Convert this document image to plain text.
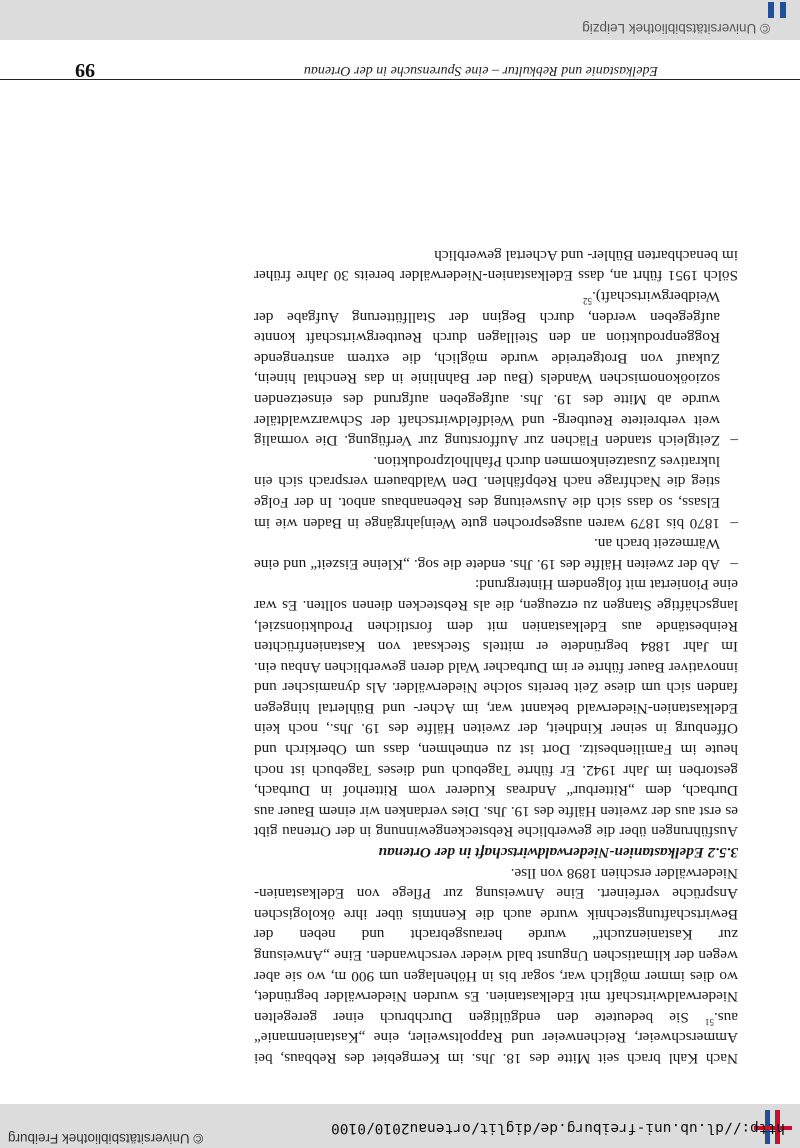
http://dl.ub.uni-freiburg.de/diglit/ortenau2010/0100
© Universitätsbibliothek Freiburg
Edelkastanie und Rebkultur – eine Spurensuche in der Ortenau
99

Nach Kahl brach seit Mitte des 18. Jhs. im Kerngebiet des Rebbaus, bei Ammerschweier, Reichenweier und Rappoltsweiler, eine „Kastanienmanie“ aus.$^{51}$ Sie bedeutete den endgültigen Durchbruch einer geregelten Niederwaldwirtschaft mit Edelkastanien. Es wurden Niederwälder begründet, wo dies immer möglich war, sogar bis in Höhenlagen um 900 m, wo sie aber wegen der klimatischen Ungunst bald wieder verschwanden. Eine „Anweisung zur Kastanienzucht“ wurde herausgebracht und neben der Bewirtschaftungstechnik wurde auch die Kenntnis über ihre ökologischen Ansprüche verfeinert. Eine Anweisung zur Pflege von Edelkastanien-Niederwälder erschien 1898 von Ilse.

3.5.2 Edelkastanien-Niederwaldwirtschaft in der Ortenau

Ausführungen über die gewerbliche Rebsteckengewinnung in der Ortenau gibt es erst aus der zweiten Hälfte des 19. Jhs. Dies verdanken wir einem Bauer aus Durbach, dem „Ritterbur“ Andreas Kuderer vom Ritterhof in Durbach, gestorben im Jahr 1942. Er führte Tagebuch und dieses Tagebuch ist noch heute im Familienbesitz. Dort ist zu entnehmen, dass um Oberkirch und Offenburg in seiner Kindheit, der zweiten Hälfte des 19. Jhs., noch kein Edelkastanien-Niederwald bekannt war, im Acher- und Bühlertal hingegen fanden sich um diese Zeit bereits solche Niederwälder. Als dynamischer und innovativer Bauer führte er im Durbacher Wald deren gewerblichen Anbau ein. Im Jahr 1884 begründete er mittels Stecksaat von Kastanienfrüchten Reinbestände aus Edelkastanien mit dem forstlichen Produktionsziel, langschäftige Stangen zu erzeugen, die als Rebstecken dienen sollten. Es war eine Pioniertat mit folgendem Hintergrund:

–
Ab der zweiten Hälfte des 19. Jhs. endete die sog. „Kleine Eiszeit“ und eine Wärmezeit brach an.
–
1870 bis 1879 waren ausgesprochen gute Weinjahrgänge in Baden wie im Elsass, so dass sich die Ausweitung des Rebenanbaus anbot. In der Folge stieg die Nachfrage nach Rebpfählen. Den Waldbauern versprach sich ein lukratives Zusatzeinkommen durch Pfahlholzproduktion.
–
Zeitgleich standen Flächen zur Aufforstung zur Verfügung. Die vormalig weit verbreitete Reutberg- und Weidfeldwirtschaft der Schwarzwaldtäler wurde ab Mitte des 19. Jhs. aufgegeben aufgrund des einsetzenden sozioökonomischen Wandels (Bau der Bahnlinie in das Renchtal hinein, Zukauf von Brotgetreide wurde möglich, die extrem anstrengende Roggenproduktion an den Steillagen durch Reutbergwirtschaft konnte aufgegeben werden, durch Beginn der Stallfütterung Aufgabe der Weidbergwirtschaft).$^{52}$

Sölch 1951 führt an, dass Edelkastanien-Niederwälder bereits 30 Jahre früher im benachbarten Bühler- und Achertal gewerblich

© Universitätsbibliothek Leipzig
